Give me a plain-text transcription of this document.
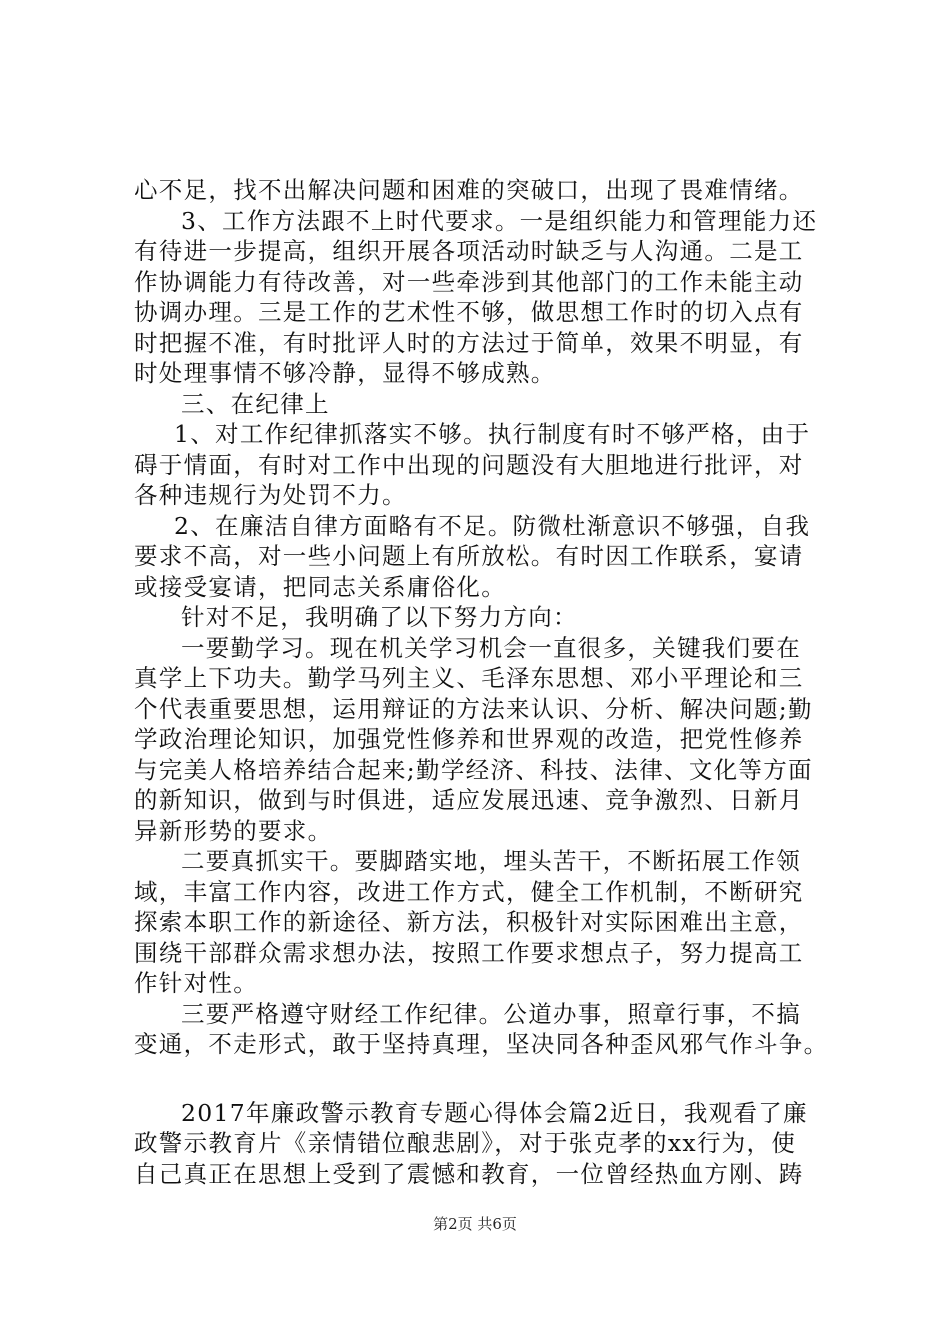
心不足，找不出解决问题和困难的突破口，出现了畏难情绪。
3、工作方法跟不上时代要求。一是组织能力和管理能力还
有待进一步提高，组织开展各项活动时缺乏与人沟通。二是工
作协调能力有待改善，对一些牵涉到其他部门的工作未能主动
协调办理。三是工作的艺术性不够，做思想工作时的切入点有
时把握不准，有时批评人时的方法过于简单，效果不明显，有
时处理事情不够冷静，显得不够成熟。
三、在纪律上
1、对工作纪律抓落实不够。执行制度有时不够严格，由于
碍于情面，有时对工作中出现的问题没有大胆地进行批评，对
各种违规行为处罚不力。
2、在廉洁自律方面略有不足。防微杜渐意识不够强，自我
要求不高，对一些小问题上有所放松。有时因工作联系，宴请
或接受宴请，把同志关系庸俗化。
针对不足，我明确了以下努力方向：
一要勤学习。现在机关学习机会一直很多，关键我们要在
真学上下功夫。勤学马列主义、毛泽东思想、邓小平理论和三
个代表重要思想，运用辩证的方法来认识、分析、解决问题;勤
学政治理论知识，加强党性修养和世界观的改造，把党性修养
与完美人格培养结合起来;勤学经济、科技、法律、文化等方面
的新知识，做到与时俱进，适应发展迅速、竞争激烈、日新月
异新形势的要求。
二要真抓实干。要脚踏实地，埋头苦干，不断拓展工作领
域，丰富工作内容，改进工作方式，健全工作机制，不断研究
探索本职工作的新途径、新方法，积极针对实际困难出主意，
围绕干部群众需求想办法，按照工作要求想点子，努力提高工
作针对性。
三要严格遵守财经工作纪律。公道办事，照章行事，不搞
变通，不走形式，敢于坚持真理，坚决同各种歪风邪气作斗争。
2017年廉政警示教育专题心得体会篇2近日，我观看了廉
政警示教育片《亲情错位酿悲剧》，对于张克孝的xx行为，使
自己真正在思想上受到了震憾和教育，一位曾经热血方刚、踌
第2页 共6页
